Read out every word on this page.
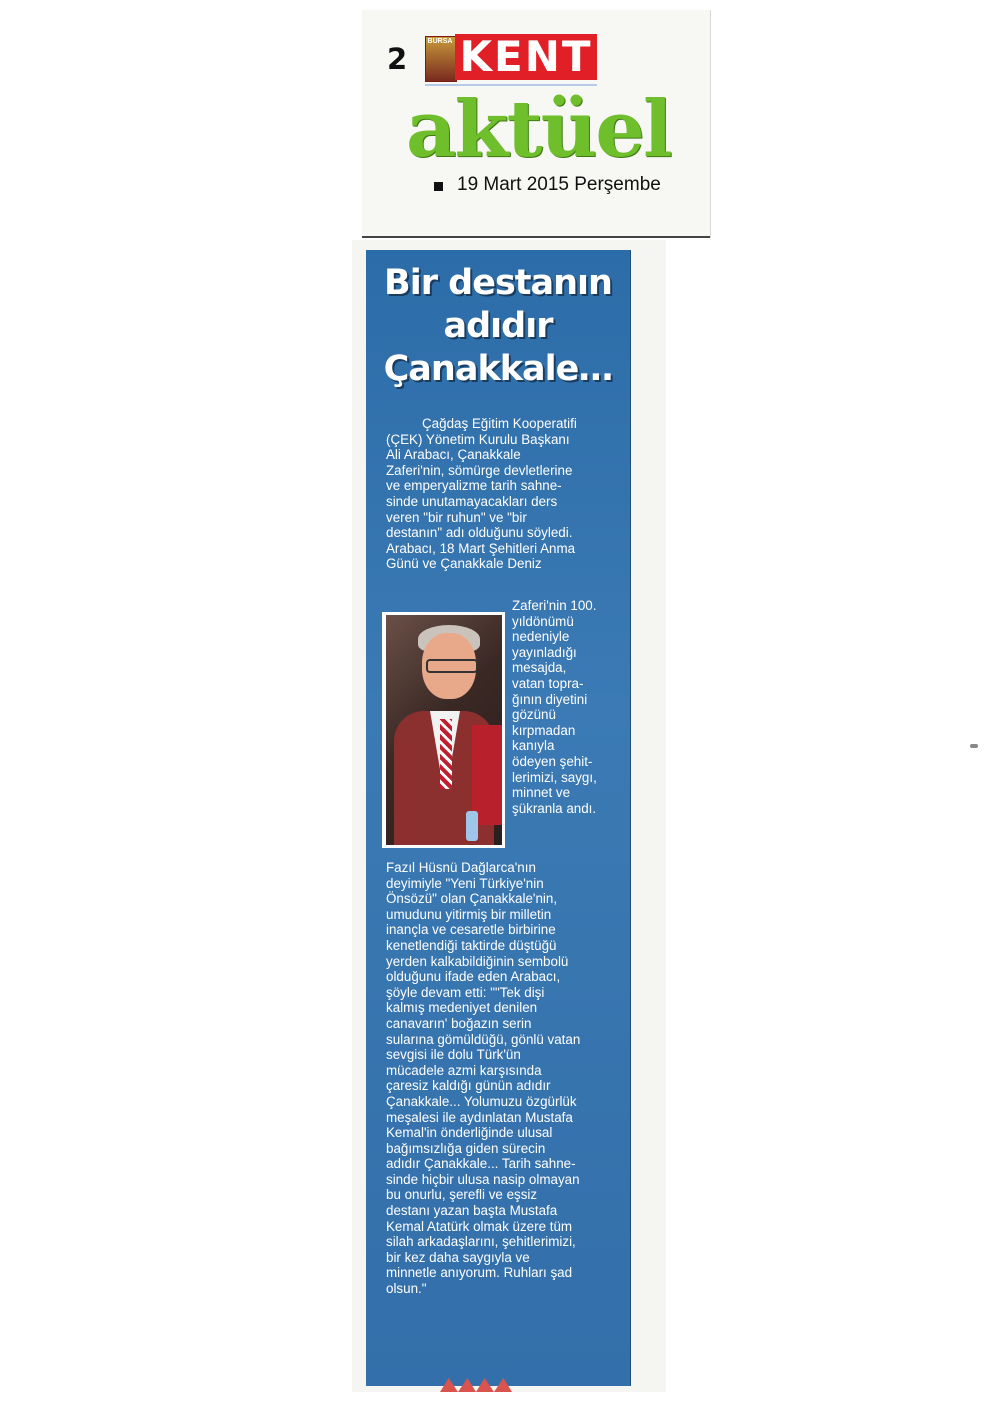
2
BURSA KENT
aktüel
19 Mart 2015 Perşembe
Bir destanın
adıdır
Çanakkale…
Çağdaş Eğitim Kooperatifi
(ÇEK) Yönetim Kurulu Başkanı
Ali Arabacı, Çanakkale
Zaferi'nin, sömürge devletlerine
ve emperyalizme tarih sahne-
sinde unutamayacakları ders
veren "bir ruhun" ve "bir
destanın" adı olduğunu söyledi.
Arabacı, 18 Mart Şehitleri Anma
Günü ve Çanakkale Deniz
Zaferi'nin 100.
yıldönümü
nedeniyle
yayınladığı
mesajda,
vatan topra-
ğının diyetini
gözünü
kırpmadan
kanıyla
ödeyen şehit-
lerimizi, saygı,
minnet ve
şükranla andı.
Fazıl Hüsnü Dağlarca'nın
deyimiyle "Yeni Türkiye'nin
Önsözü" olan Çanakkale'nin,
umudunu yitirmiş bir milletin
inançla ve cesaretle birbirine
kenetlendiği taktirde düştüğü
yerden kalkabildiğinin sembolü
olduğunu ifade eden Arabacı,
şöyle devam etti: ""Tek dişi
kalmış medeniyet denilen
canavarın' boğazın serin
sularına gömüldüğü, gönlü vatan
sevgisi ile dolu Türk'ün
mücadele azmi karşısında
çaresiz kaldığı günün adıdır
Çanakkale... Yolumuzu özgürlük
meşalesi ile aydınlatan Mustafa
Kemal'in önderliğinde ulusal
bağımsızlığa giden sürecin
adıdır Çanakkale... Tarih sahne-
sinde hiçbir ulusa nasip olmayan
bu onurlu, şerefli ve eşsiz
destanı yazan başta Mustafa
Kemal Atatürk olmak üzere tüm
silah arkadaşlarını, şehitlerimizi,
bir kez daha saygıyla ve
minnetle anıyorum. Ruhları şad
olsun."
